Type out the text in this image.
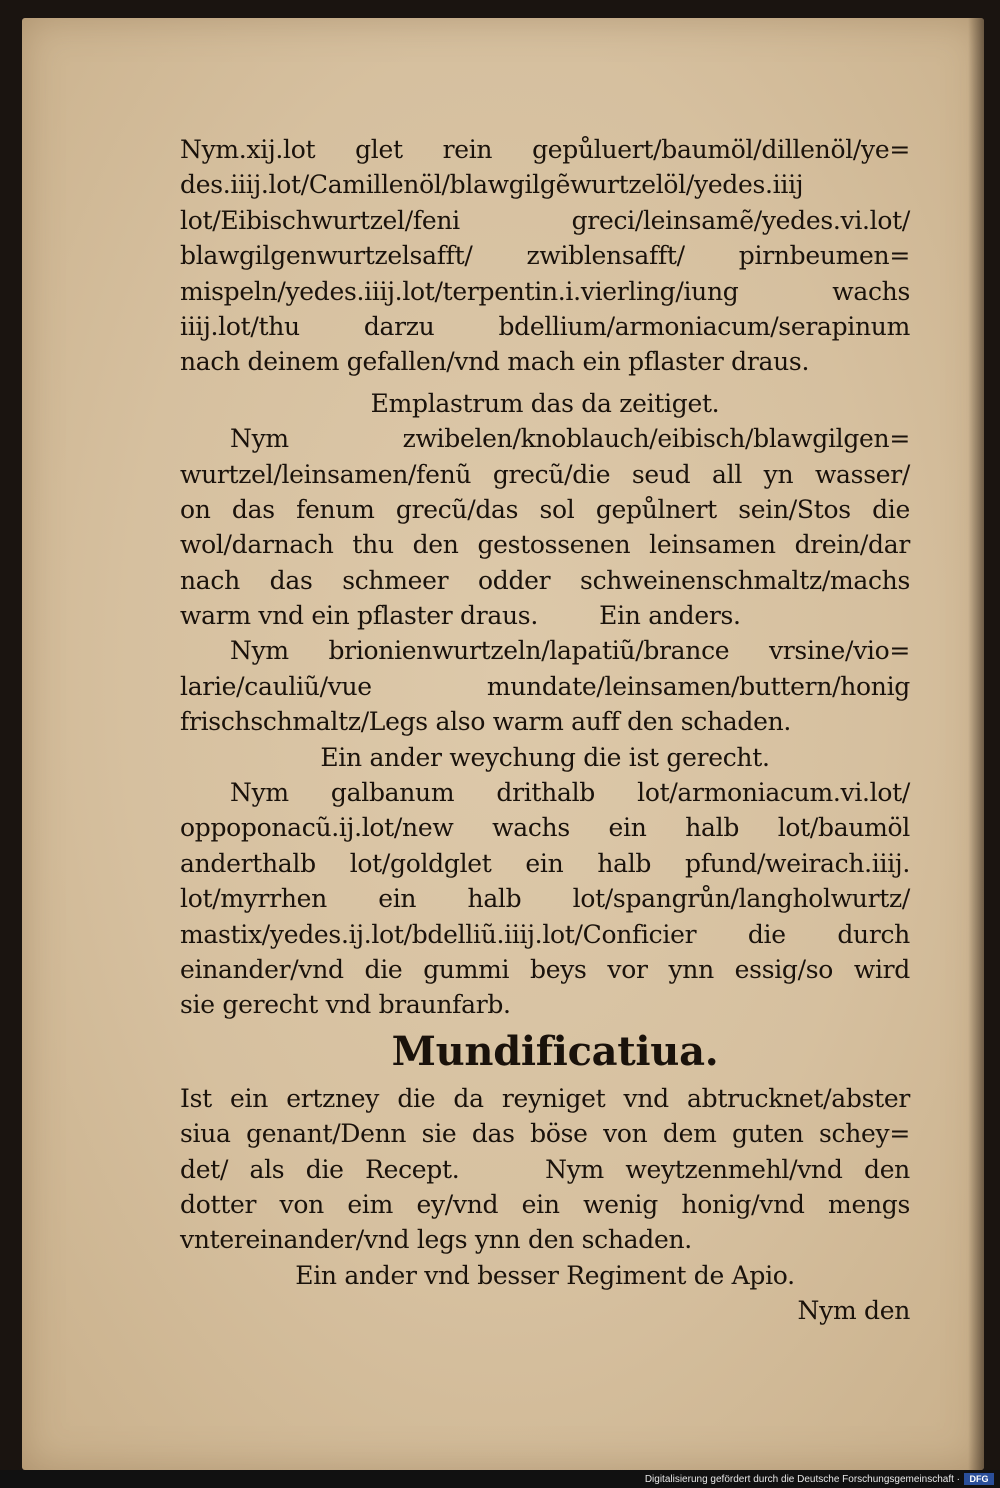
Nym.xij.lot glet rein gepůluert/baumöl/dillenöl/ye=
des.iiij.lot/Camillenöl/blawgilgẽwurtzelöl/yedes.iiij
lot/Eibischwurtzel/feni greci/leinsamẽ/yedes.vi.lot/
blawgilgenwurtzelsafft/ zwiblensafft/ pirnbeumen=
mispeln/yedes.iiij.lot/terpentin.i.vierling/iung wachs
iiij.lot/thu darzu bdellium/armoniacum/serapinum
nach deinem gefallen/vnd mach ein pflaster draus.
Emplastrum das da zeitiget.
Nym zwibelen/knoblauch/eibisch/blawgilgen=
wurtzel/leinsamen/fenũ grecũ/die seud all yn wasser/
on das fenum grecũ/das sol gepůlnert sein/Stos die
wol/darnach thu den gestossenen leinsamen drein/dar
nach das schmeer odder schweinenschmaltz/machs
warm vnd ein pflaster draus.        Ein anders.
Nym brionienwurtzeln/lapatiũ/brance vrsine/vio=
larie/cauliũ/vue mundate/leinsamen/buttern/honig
frischschmaltz/Legs also warm auff den schaden.
Ein ander weychung die ist gerecht.
Nym galbanum drithalb lot/armoniacum.vi.lot/
oppoponacũ.ij.lot/new wachs ein halb lot/baumöl
anderthalb lot/goldglet ein halb pfund/weirach.iiij.
lot/myrrhen ein halb lot/spangrůn/langholwurtz/
mastix/yedes.ij.lot/bdelliũ.iiij.lot/Conficier die durch
einander/vnd die gummi beys vor ynn essig/so wird
sie gerecht vnd braunfarb.
Mundificatiua.
Ist ein ertzney die da reyniget vnd abtrucknet/abster
siua genant/Denn sie das böse von dem guten schey=
det/ als die Recept.    Nym weytzenmehl/vnd den
dotter von eim ey/vnd ein wenig honig/vnd mengs
vntereinander/vnd legs ynn den schaden.
Ein ander vnd besser Regiment de Apio.
Nym den
Digitalisierung gefördert durch die Deutsche Forschungsgemeinschaft ·	DFG
